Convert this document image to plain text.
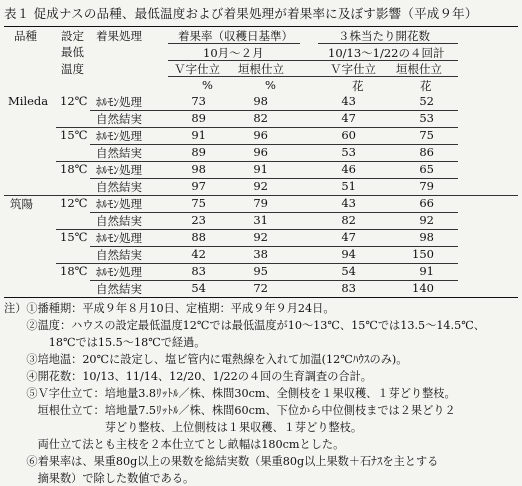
表１ 促成ナスの品種、最低温度および着果処理が着果率に及ぼす影響（平成９年）
品種 設定
最低
温度
着果処理	着果率（収穫日基準）
10月〜２月
３株当たり開花数
10/13〜1/22の４回計
Ｖ字仕立 垣根仕立	Ｖ字仕立 垣根仕立
%	%	花	花
Mileda 12℃ ﾎﾙﾓﾝ処理	73	98	43	52
自然結実	89	82	47	53
15℃ ﾎﾙﾓﾝ処理	91	96	60	75
自然結実	89	96	53	86
18℃ ﾎﾙﾓﾝ処理	98	91	46	65
自然結実	97	92	51	79
筑陽 12℃ ﾎﾙﾓﾝ処理	75	79	43	66
自然結実	23	31	82	92
15℃ ﾎﾙﾓﾝ処理	88	92	47	98
自然結実	42	38	94	150
18℃ ﾎﾙﾓﾝ処理	83	95	54	91
自然結実	54	72	83	140
注）①播種期：平成９年８月10日、定植期：平成９年９月24日。
　　②温度：ハウスの設定最低温度12℃では最低温度が10〜13℃、15℃では13.5〜14.5℃、
　　　　18℃では15.5〜18℃で経過。
　　③培地温：20℃に設定し、塩ビ管内に電熱線を入れて加温(12℃ﾊｳｽのみ)。
　　④開花数：10/13、11/14、12/20、1/22の４回の生育調査の合計。
　　⑤Ｖ字仕立て：培地量3.8ﾘｯﾄﾙ／株、株間30cm、全側枝を１果収穫、１芽どり整枝。
　　　垣根仕立て：培地量7.5ﾘｯﾄﾙ／株、株間60cm、下位から中位側枝までは２果どり２
　　　　　　　　　芽どり整枝、上位側枝は１果収穫、１芽どり整枝。
　　　両仕立て法とも主枝を２本仕立てとし畝幅は180cmとした。
　　⑥着果率は、果重80g以上の果数を総結実数（果重80g以上果数＋石ﾅｽを主とする
　　　摘果数）で除した数値である。
